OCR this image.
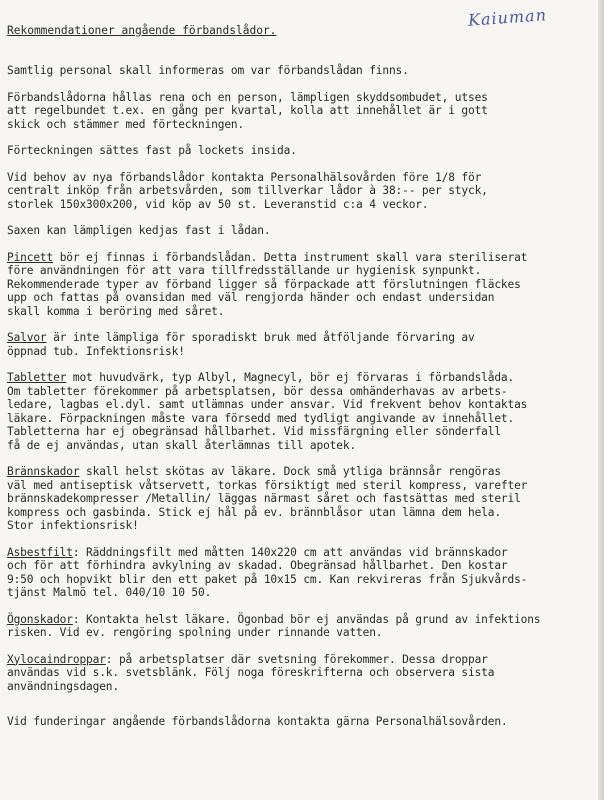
Kaiuman
Rekommendationer angående förbandslådor.
Samtlig personal skall informeras om var förbandslådan finns.
Förbandslådorna hållas rena och en person, lämpligen skyddsombudet, utses
att regelbundet t.ex. en gång per kvartal, kolla att innehållet är i gott
skick och stämmer med förteckningen.
Förteckningen sättes fast på lockets insida.
Vid behov av nya förbandslådor kontakta Personalhälsovården före 1/8 för
centralt inköp från arbetsvården, som tillverkar lådor à 38:-- per styck,
storlek 150x300x200, vid köp av 50 st. Leveranstid c:a 4 veckor.
Saxen kan lämpligen kedjas fast i lådan.
Pincett bör ej finnas i förbandslådan. Detta instrument skall vara steriliserat
före användningen för att vara tillfredsställande ur hygienisk synpunkt.
Rekommenderade typer av förband ligger så förpackade att förslutningen fläckes
upp och fattas på ovansidan med väl rengjorda händer och endast undersidan
skall komma i beröring med såret.
Salvor är inte lämpliga för sporadiskt bruk med åtföljande förvaring av
öppnad tub. Infektionsrisk!
Tabletter mot huvudvärk, typ Albyl, Magnecyl, bör ej förvaras i förbandslåda.
Om tabletter förekommer på arbetsplatsen, bör dessa omhänderhavas av arbets-
ledare, lagbas el.dyl. samt utlämnas under ansvar. Vid frekvent behov kontaktas
läkare. Förpackningen måste vara försedd med tydligt angivande av innehållet.
Tabletterna har ej obegränsad hållbarhet. Vid missfärgning eller sönderfall
få de ej användas, utan skall återlämnas till apotek.
Brännskador skall helst skötas av läkare. Dock små ytliga brännsår rengöras
väl med antiseptisk våtservett, torkas försiktigt med steril kompress, varefter
brännskadekompresser /Metallin/ läggas närmast såret och fastsättas med steril
kompress och gasbinda. Stick ej hål på ev. brännblåsor utan lämna dem hela.
Stor infektionsrisk!
Asbestfilt: Räddningsfilt med måtten 140x220 cm att användas vid brännskador
och för att förhindra avkylning av skadad. Obegränsad hållbarhet. Den kostar
9:50 och hopvikt blir den ett paket på 10x15 cm. Kan rekvireras från Sjukvårds-
tjänst Malmö tel. 040/10 10 50.
Ögonskador: Kontakta helst läkare. Ögonbad bör ej användas på grund av infektions
risken. Vid ev. rengöring spolning under rinnande vatten.
Xylocaindroppar: på arbetsplatser där svetsning förekommer. Dessa droppar
användas vid s.k. svetsblänk. Följ noga föreskrifterna och observera sista
användningsdagen.
Vid funderingar angående förbandslådorna kontakta gärna Personalhälsovården.
